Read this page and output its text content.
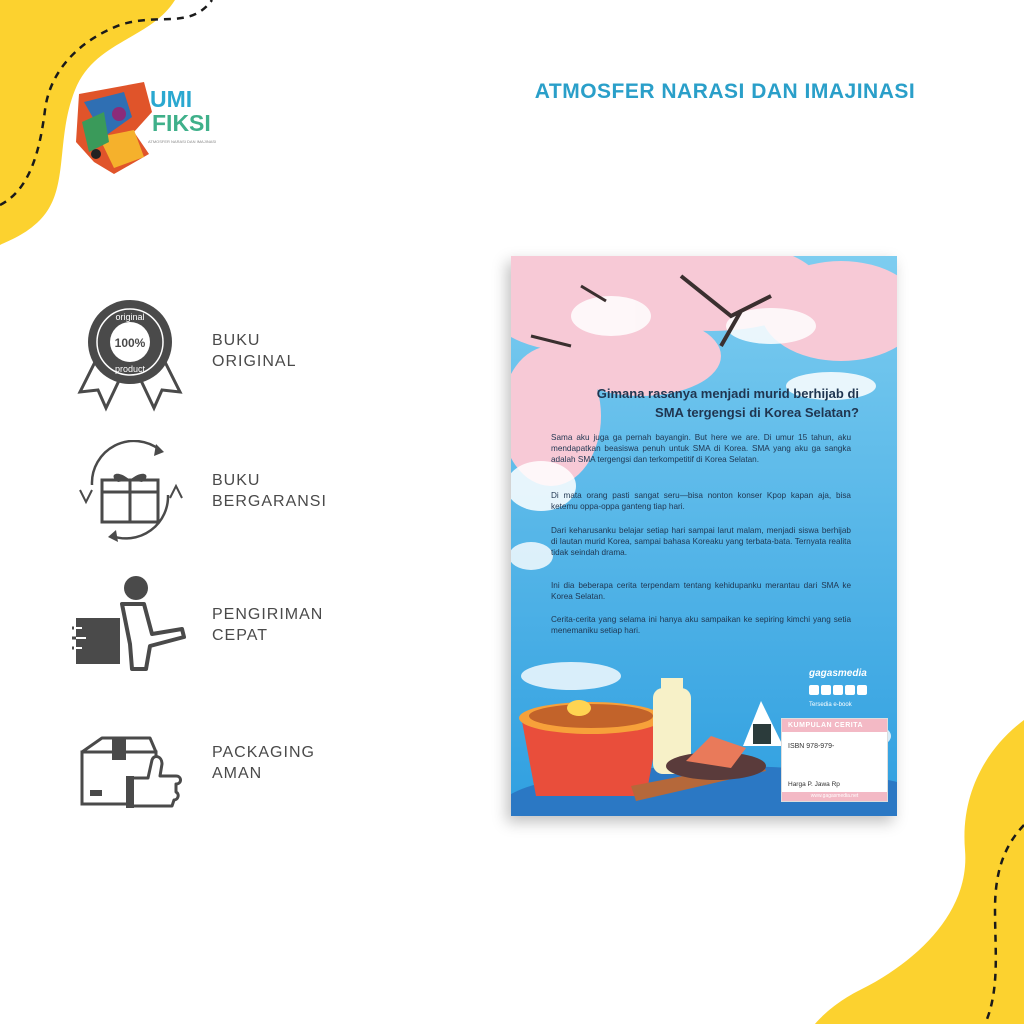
UMI
FIKSI
ATMOSFER NARASI DAN IMAJINASI
ATMOSFER NARASI DAN IMAJINASI
100%
original
product
BUKU
ORIGINAL
BUKU
BERGARANSI
PENGIRIMAN
CEPAT
PACKAGING
AMAN
Gimana rasanya menjadi murid berhijab di
SMA tergengsi di Korea Selatan?
Sama aku juga ga pernah bayangin. But here we are. Di umur 15 tahun, aku mendapatkan beasiswa penuh untuk SMA di Korea. SMA yang aku ga sangka adalah SMA tergengsi dan terkompetitif di Korea Selatan.
Di mata orang pasti sangat seru—bisa nonton konser Kpop kapan aja, bisa ketemu oppa-oppa ganteng tiap hari.
Dari keharusanku belajar setiap hari sampai larut malam, menjadi siswa berhijab di lautan murid Korea, sampai bahasa Koreaku yang terbata-bata. Ternyata realita tidak seindah drama.
Ini dia beberapa cerita terpendam tentang kehidupanku merantau dari SMA ke Korea Selatan.
Cerita-cerita yang selama ini hanya aku sampaikan ke sepiring kimchi yang setia menemaniku setiap hari.
gagasmedia
Tersedia e-book
KUMPULAN CERITA
ISBN 978-979-
Harga P. Jawa Rp
www.gagasmedia.net
